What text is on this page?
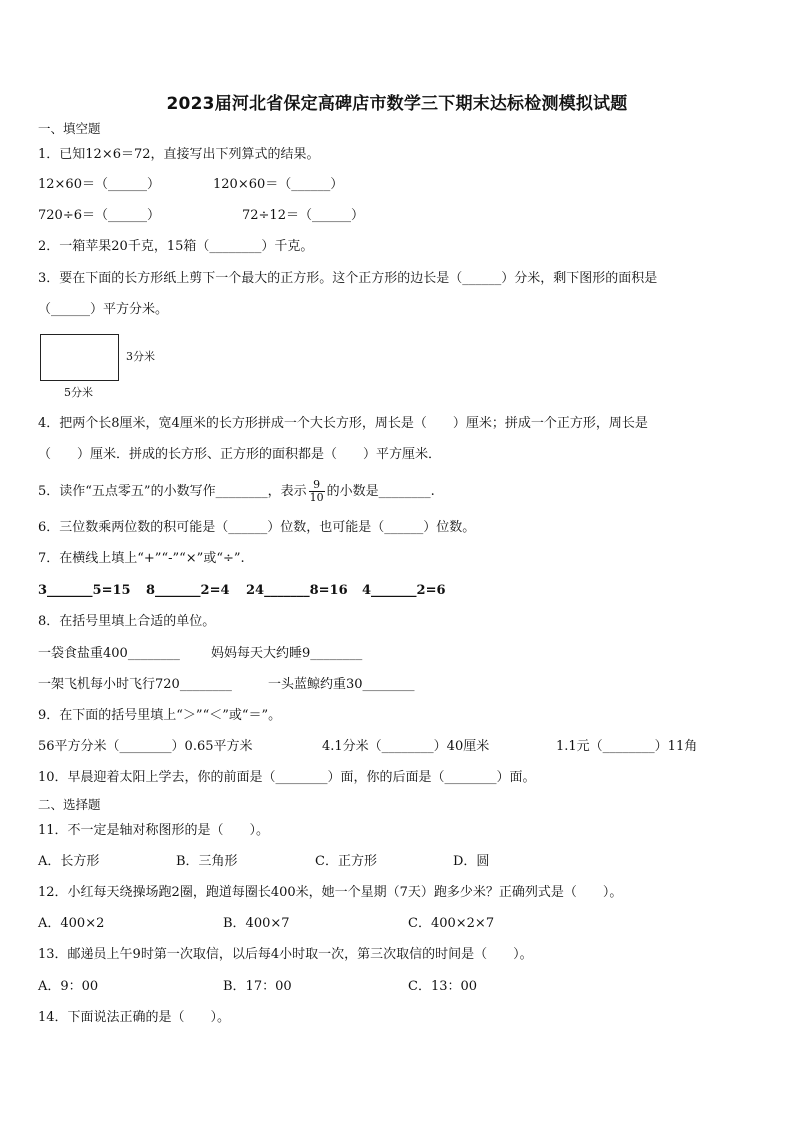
2023届河北省保定高碑店市数学三下期末达标检测模拟试题
一、填空题
1．已知12×6＝72，直接写出下列算式的结果。
12×60＝（______）	120×60＝（______）
720÷6＝（______）	72÷12＝（______）
2．一箱苹果20千克，15箱（________）千克。
3．要在下面的长方形纸上剪下一个最大的正方形。这个正方形的边长是（______）分米，剩下图形的面积是
（______）平方分米。
3分米
5分米
4．把两个长8厘米，宽4厘米的长方形拼成一个大长方形，周长是（　　）厘米；拼成一个正方形，周长是
（　　）厘米．拼成的长方形、正方形的面积都是（　　）平方厘米．
5．读作“五点零五”的小数写作________，表示 $\frac{9}{10}$ 的小数是________.
6．三位数乘两位数的积可能是（______）位数，也可能是（______）位数。
7．在横线上填上“+”“-”“×”或“÷”.
3_______5=15 8_______2=4 24_______8=16 4_______2=6
8．在括号里填上合适的单位。
一袋食盐重400________ 妈妈每天大约睡9________
一架飞机每小时飞行720________	一头蓝鲸约重30________
9．在下面的括号里填上“＞”“＜”或“＝”。
56平方分米（________）0.65平方米	4.1分米（________）40厘米	1.1元（________）11角
10．早晨迎着太阳上学去，你的前面是（________）面，你的后面是（________）面。
二、选择题
11．不一定是轴对称图形的是（　　）。
A．长方形	B．三角形	C．正方形	D．圆
12．小红每天绕操场跑2圈，跑道每圈长400米，她一个星期（7天）跑多少米？正确列式是（　　）。
A．400×2	B．400×7	C．400×2×7
13．邮递员上午9时第一次取信，以后每4小时取一次，第三次取信的时间是（　　）。
A．9：00	B．17：00	C．13：00
14．下面说法正确的是（　　）。
